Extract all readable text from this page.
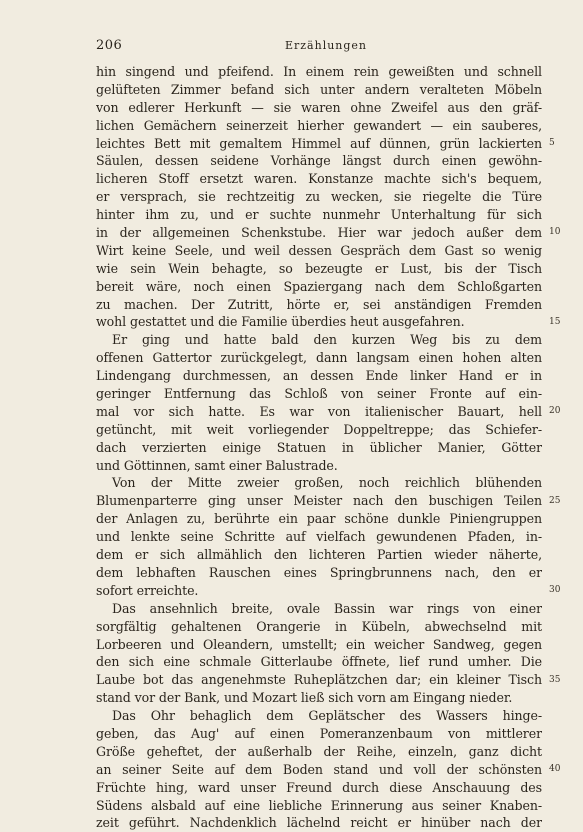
206	Erzählungen
hin singend und pfeifend. In einem rein geweißten und schnell
gelüfteten Zimmer befand sich unter andern veralteten Möbeln
von edlerer Herkunft — sie waren ohne Zweifel aus den gräf-
lichen Gemächern seinerzeit hierher gewandert — ein sauberes,
leichtes Bett mit gemaltem Himmel auf dünnen, grün lackierten
Säulen, dessen seidene Vorhänge längst durch einen gewöhn-
licheren Stoff ersetzt waren. Konstanze machte sich's bequem,
er versprach, sie rechtzeitig zu wecken, sie riegelte die Türe
hinter ihm zu, und er suchte nunmehr Unterhaltung für sich
in der allgemeinen Schenkstube. Hier war jedoch außer dem
Wirt keine Seele, und weil dessen Gespräch dem Gast so wenig
wie sein Wein behagte, so bezeugte er Lust, bis der Tisch
bereit wäre, noch einen Spaziergang nach dem Schloßgarten
zu machen. Der Zutritt, hörte er, sei anständigen Fremden
wohl gestattet und die Familie überdies heut ausgefahren.
Er ging und hatte bald den kurzen Weg bis zu dem
offenen Gattertor zurückgelegt, dann langsam einen hohen alten
Lindengang durchmessen, an dessen Ende linker Hand er in
geringer Entfernung das Schloß von seiner Fronte auf ein-
mal vor sich hatte. Es war von italienischer Bauart, hell
getüncht, mit weit vorliegender Doppeltreppe; das Schiefer-
dach verzierten einige Statuen in üblicher Manier, Götter
und Göttinnen, samt einer Balustrade.
Von der Mitte zweier großen, noch reichlich blühenden
Blumenparterre ging unser Meister nach den buschigen Teilen
der Anlagen zu, berührte ein paar schöne dunkle Piniengruppen
und lenkte seine Schritte auf vielfach gewundenen Pfaden, in-
dem er sich allmählich den lichteren Partien wieder näherte,
dem lebhaften Rauschen eines Springbrunnens nach, den er
sofort erreichte.
Das ansehnlich breite, ovale Bassin war rings von einer
sorgfältig gehaltenen Orangerie in Kübeln, abwechselnd mit
Lorbeeren und Oleandern, umstellt; ein weicher Sandweg, gegen
den sich eine schmale Gitterlaube öffnete, lief rund umher. Die
Laube bot das angenehmste Ruheplätzchen dar; ein kleiner Tisch
stand vor der Bank, und Mozart ließ sich vorn am Eingang nieder.
Das Ohr behaglich dem Geplätscher des Wassers hinge-
geben, das Aug' auf einen Pomeranzenbaum von mittlerer
Größe geheftet, der außerhalb der Reihe, einzeln, ganz dicht
an seiner Seite auf dem Boden stand und voll der schönsten
Früchte hing, ward unser Freund durch diese Anschauung des
Südens alsbald auf eine liebliche Erinnerung aus seiner Knaben-
zeit geführt. Nachdenklich lächelnd reicht er hinüber nach der
5
10
15
20
25
30
35
40
